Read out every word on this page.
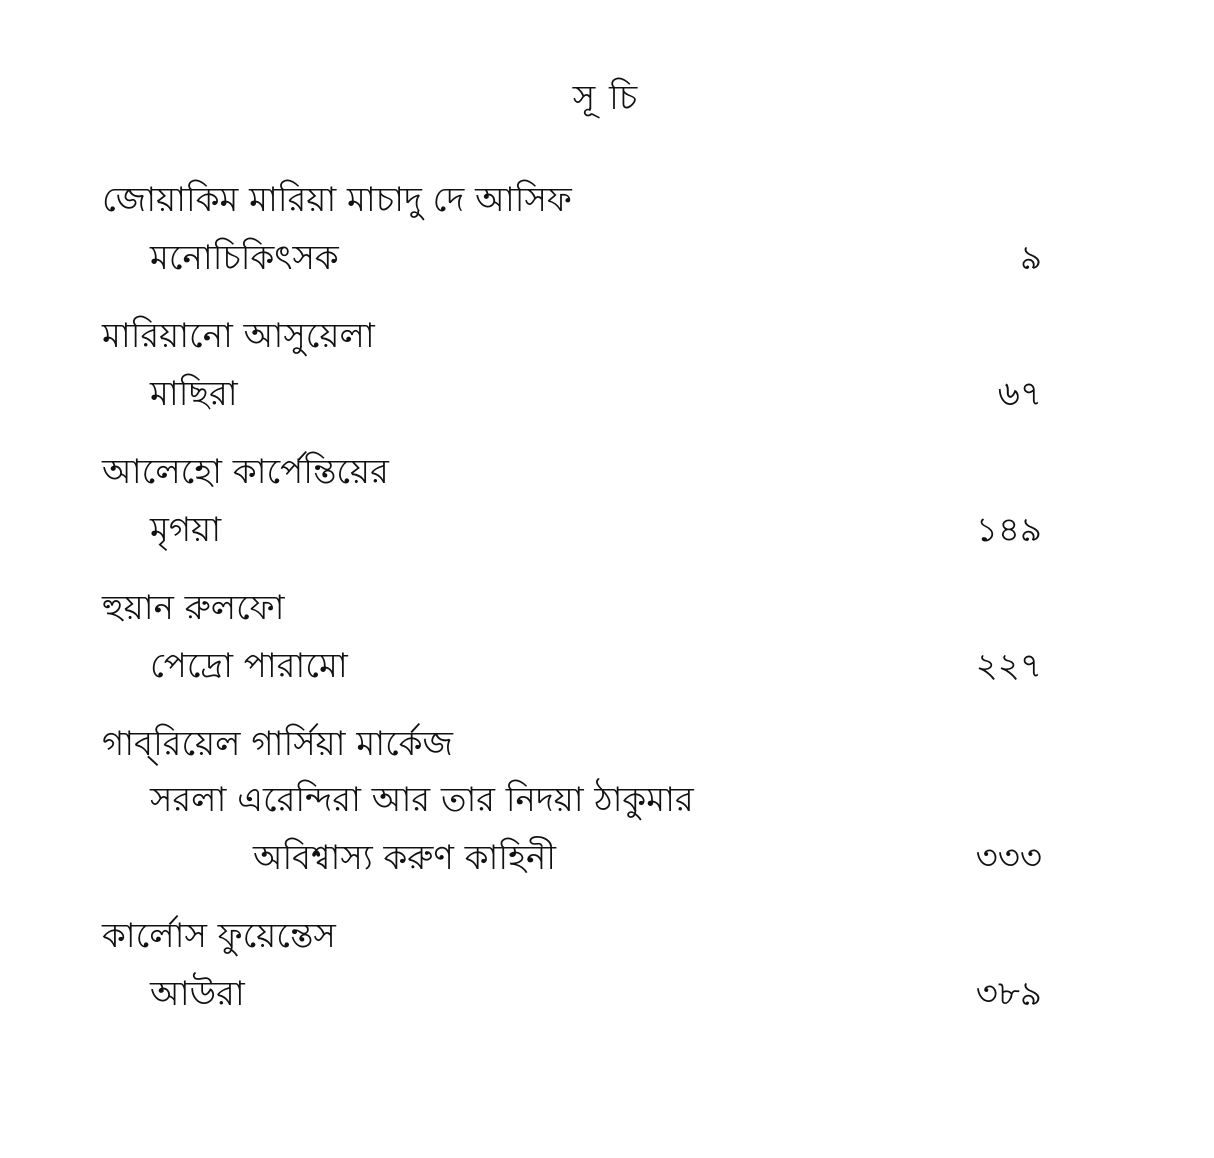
সূচি
জোয়াকিম মারিয়া মাচাদু দে আসিফ
মনোচিকিৎসক	৯
মারিয়ানো আসুয়েলা
মাছিরা	৬৭
আলেহো কার্পেন্তিয়ের
মৃগয়া	১৪৯
হুয়ান রুলফো
পেদ্রো পারামো	২২৭
গাব্‌রিয়েল গার্সিয়া মার্কেজ
সরলা এরেন্দিরা আর তার নিদয়া ঠাকুমার
অবিশ্বাস্য করুণ কাহিনী	৩৩৩
কার্লোস ফুয়েন্তেস
আউরা	৩৮৯
